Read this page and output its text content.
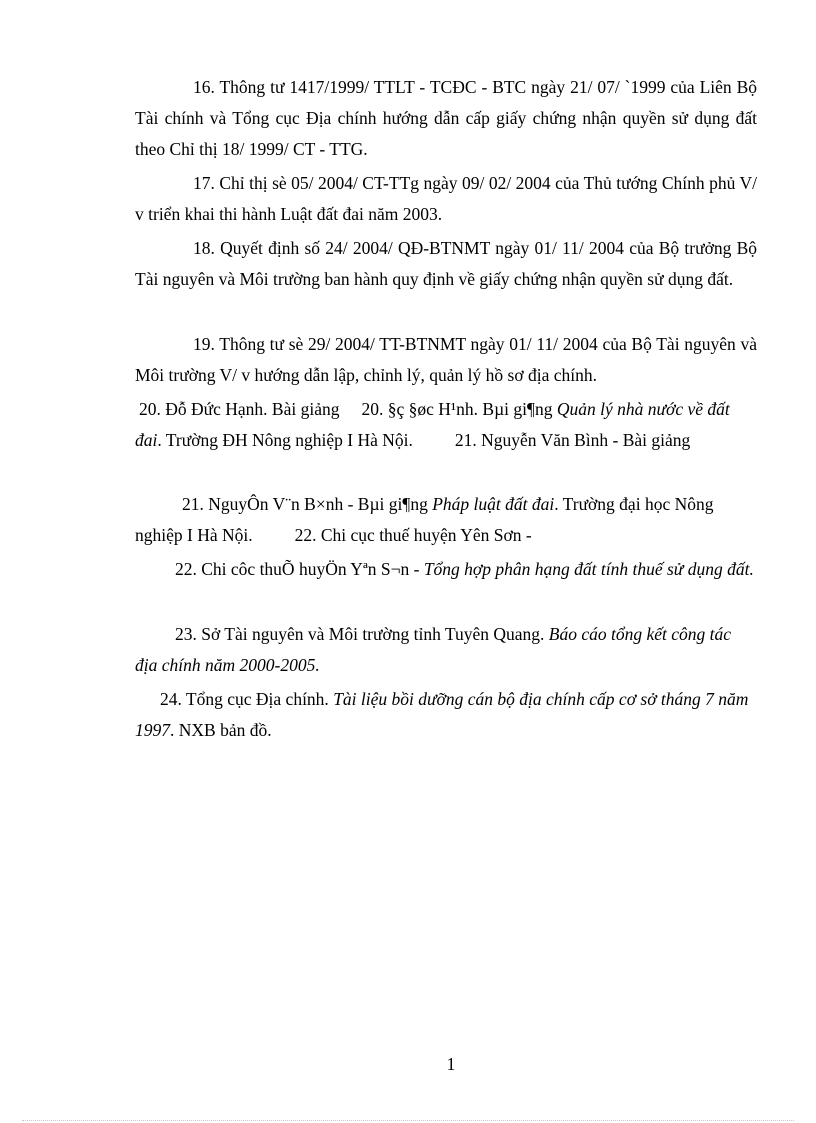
16. Thông tư 1417/1999/ TTLT - TCĐC - BTC ngày 21/ 07/ `1999 của Liên Bộ Tài chính và Tổng cục Địa chính hướng dẫn cấp giấy chứng nhận quyền sử dụng đất theo Chỉ thị 18/ 1999/ CT - TTG.

17. Chỉ thị sè 05/ 2004/ CT-TTg ngày 09/ 02/ 2004 của Thủ tướng Chính phủ V/ v triển khai thi hành Luật đất đai năm 2003.

18. Quyết định số 24/ 2004/ QĐ-BTNMT ngày 01/ 11/ 2004 của Bộ trưởng Bộ Tài nguyên và Môi trường ban hành quy định về giấy chứng nhận quyền sử dụng đất.

19. Thông tư sè 29/ 2004/ TT-BTNMT ngày 01/ 11/ 2004 của Bộ Tài nguyên và Môi trường V/ v hướng dẫn lập, chỉnh lý, quản lý hồ sơ địa chính.

20. Đỗ Đức Hạnh. Bài giảng 20. §ç §øc H¹nh. Bµi gi¶ng Quản lý nhà nước về đất đai. Trường ĐH Nông nghiệp I Hà Nội. 21. Nguyễn Văn Bình - Bài giảng

21. NguyÔn V¨n B×nh - Bµi gi¶ng Pháp luật đất đai. Trường đại học Nông nghiệp I Hà Nội. 22. Chi cục thuế huyện Yên Sơn -

22. Chi côc thuÕ huyÖn Yªn S¬n - Tổng hợp phân hạng đất tính thuế sử dụng đất.

23. Sở Tài nguyên và Môi trường tỉnh Tuyên Quang. Báo cáo tổng kết công tác địa chính năm 2000-2005.

24. Tổng cục Địa chính. Tài liệu bồi dưỡng cán bộ địa chính cấp cơ sở tháng 7 năm 1997. NXB bản đồ.

1
